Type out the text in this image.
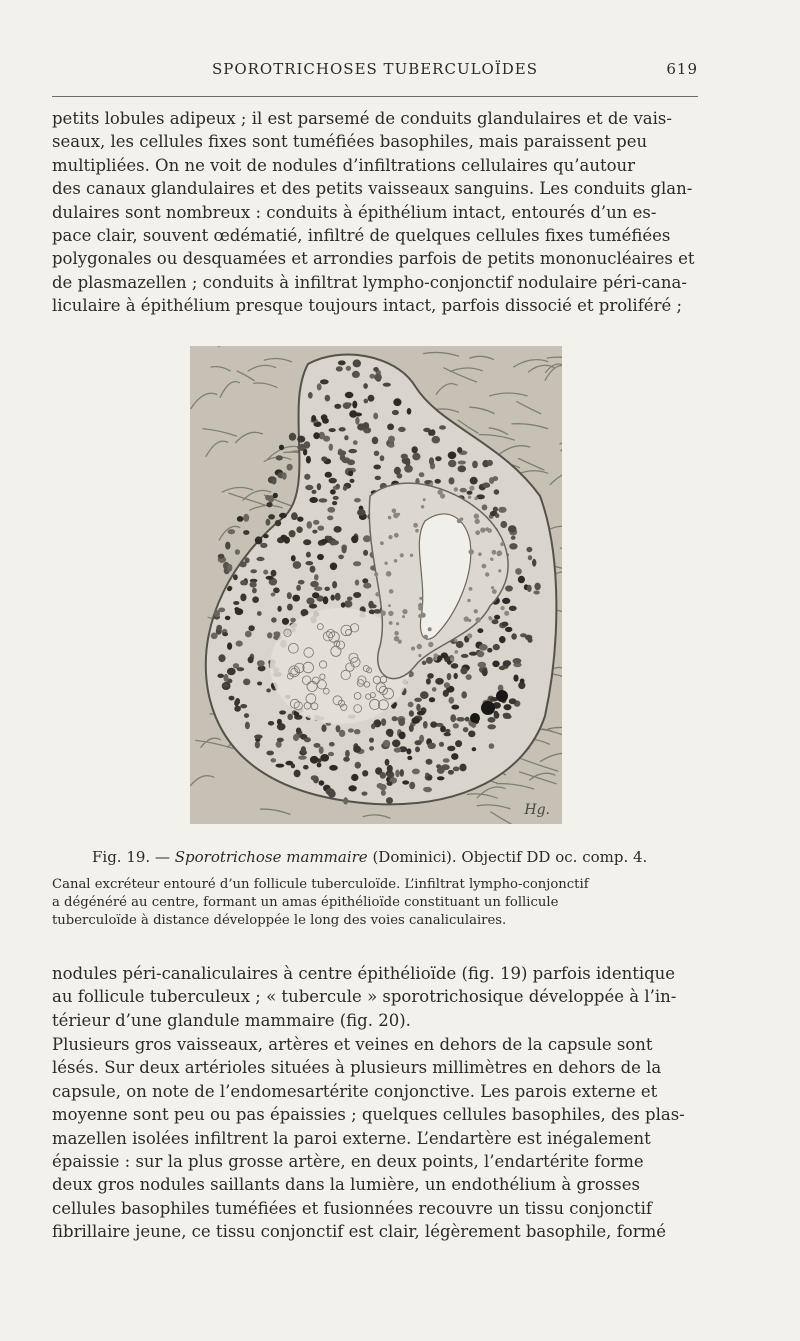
SPOROTRICHOSES TUBERCULOÏDES	619
petits lobules adipeux ; il est parsemé de conduits glandulaires et de vais-
seaux, les cellules fixes sont tuméfiées basophiles, mais paraissent peu
multipliées. On ne voit de nodules d’infiltrations cellulaires qu’autour
des canaux glandulaires et des petits vaisseaux sanguins. Les conduits glan-
dulaires sont nombreux : conduits à épithélium intact, entourés d’un es-
pace clair, souvent œdématié, infiltré de quelques cellules fixes tuméfiées
polygonales ou desquamées et arrondies parfois de petits mononucléaires et
de plasmazellen ; conduits à infiltrat lympho-conjonctif nodulaire péri-cana-
liculaire à épithélium presque toujours intact, parfois dissocié et proliféré ;
Hg.
Fig. 19. — Sporotrichose mammaire (Dominici). Objectif DD oc. comp. 4.
Canal excréteur entouré d’un follicule tuberculoïde. L’infiltrat lympho-conjonctif
a dégénéré au centre, formant un amas épithélioïde constituant un follicule
tuberculoïde à distance développée le long des voies canaliculaires.
nodules péri-canaliculaires à centre épithélioïde (fig. 19) parfois identique
au follicule tuberculeux ; « tubercule » sporotrichosique développée à l’in-
térieur d’une glandule mammaire (fig. 20).
Plusieurs gros vaisseaux, artères et veines en dehors de la capsule sont
lésés. Sur deux artérioles situées à plusieurs millimètres en dehors de la
capsule, on note de l’endomesartérite conjonctive. Les parois externe et
moyenne sont peu ou pas épaissies ; quelques cellules basophiles, des plas-
mazellen isolées infiltrent la paroi externe. L’endartère est inégalement
épaissie : sur la plus grosse artère, en deux points, l’endartérite forme
deux gros nodules saillants dans la lumière, un endothélium à grosses
cellules basophiles tuméfiées et fusionnées recouvre un tissu conjonctif
fibrillaire jeune, ce tissu conjonctif est clair, légèrement basophile, formé
